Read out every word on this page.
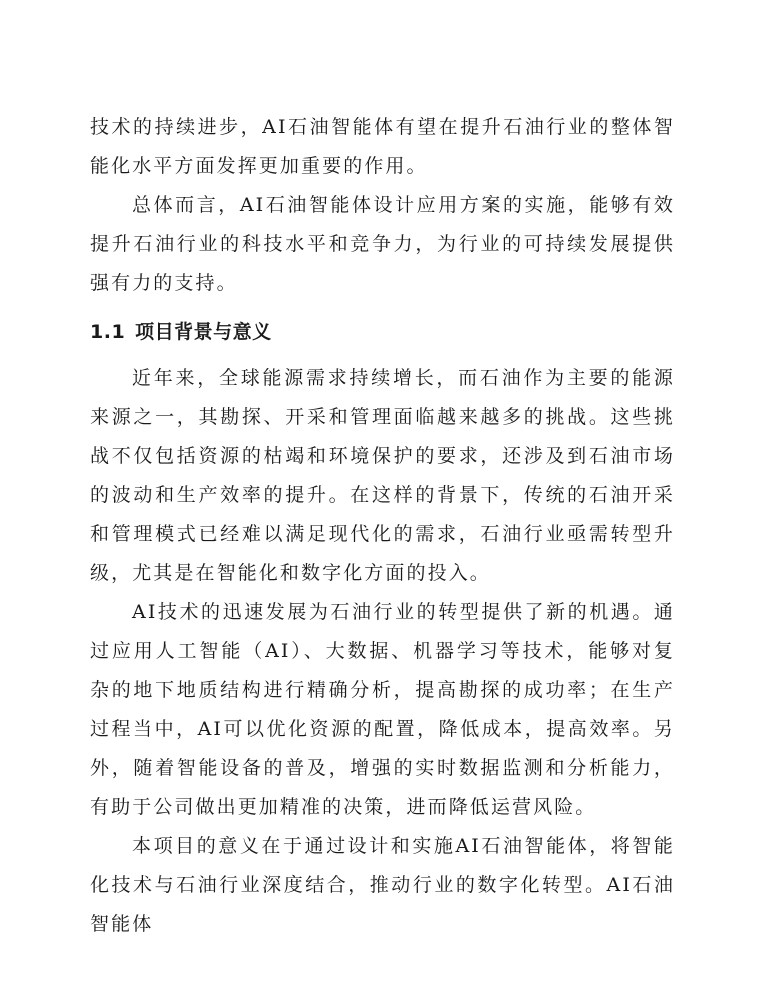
技术的持续进步，AI石油智能体有望在提升石油行业的整体智能化水平方面发挥更加重要的作用。

总体而言，AI石油智能体设计应用方案的实施，能够有效提升石油行业的科技水平和竞争力，为行业的可持续发展提供强有力的支持。

1.1 项目背景与意义

近年来，全球能源需求持续增长，而石油作为主要的能源来源之一，其勘探、开采和管理面临越来越多的挑战。这些挑战不仅包括资源的枯竭和环境保护的要求，还涉及到石油市场的波动和生产效率的提升。在这样的背景下，传统的石油开采和管理模式已经难以满足现代化的需求，石油行业亟需转型升级，尤其是在智能化和数字化方面的投入。

AI技术的迅速发展为石油行业的转型提供了新的机遇。通过应用人工智能（AI）、大数据、机器学习等技术，能够对复杂的地下地质结构进行精确分析，提高勘探的成功率；在生产过程当中，AI可以优化资源的配置，降低成本，提高效率。另外，随着智能设备的普及，增强的实时数据监测和分析能力，有助于公司做出更加精准的决策，进而降低运营风险。

本项目的意义在于通过设计和实施AI石油智能体，将智能化技术与石油行业深度结合，推动行业的数字化转型。AI石油智能体
